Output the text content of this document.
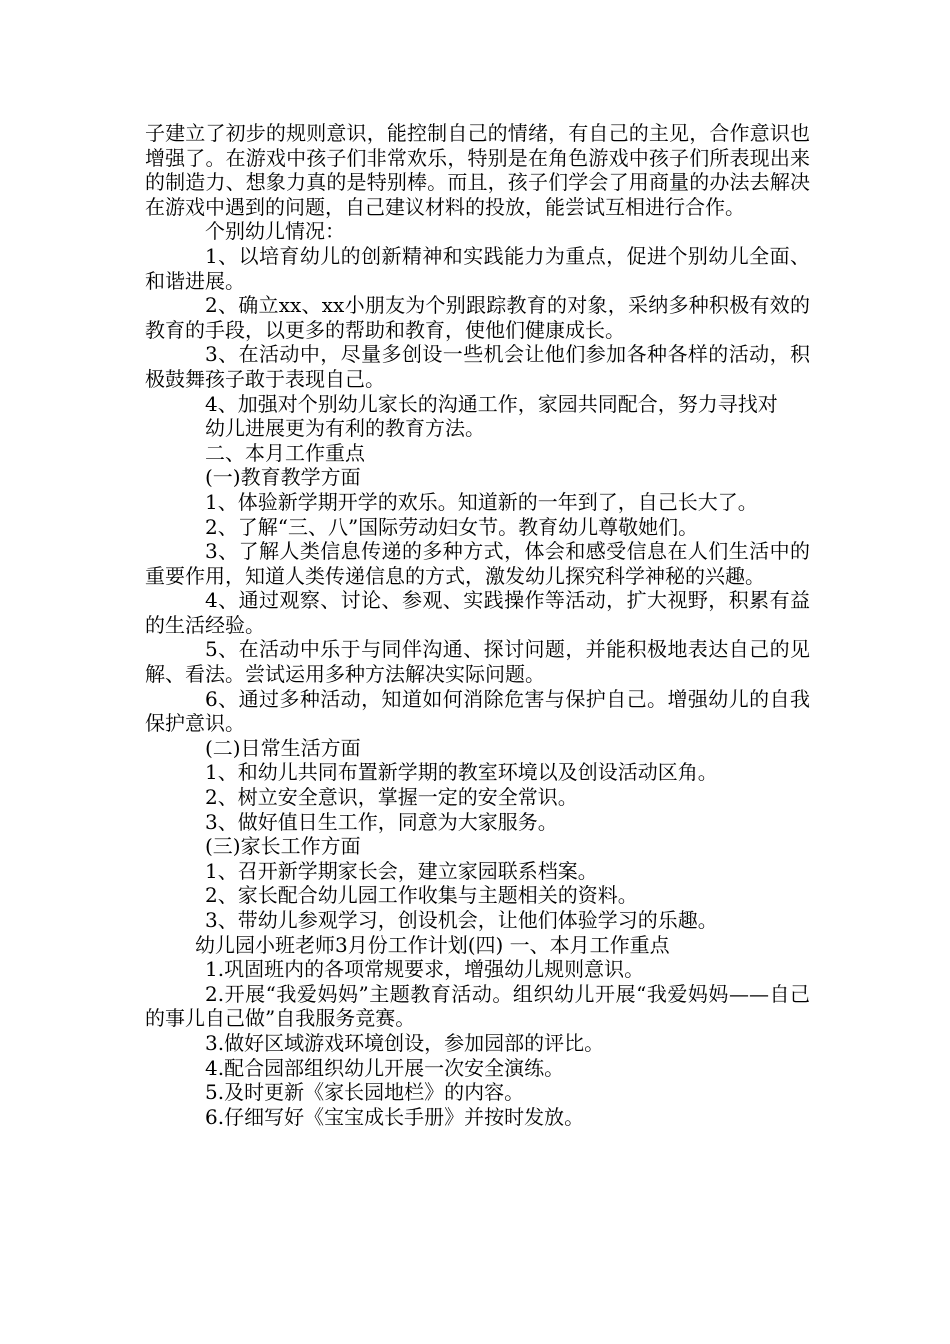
子建立了初步的规则意识，能控制自己的情绪，有自己的主见，合作意识也增强了。在游戏中孩子们非常欢乐，特别是在角色游戏中孩子们所表现出来的制造力、想象力真的是特别棒。而且，孩子们学会了用商量的办法去解决在游戏中遇到的问题，自己建议材料的投放，能尝试互相进行合作。

个别幼儿情况：

1、以培育幼儿的创新精神和实践能力为重点，促进个别幼儿全面、和谐进展。

2、确立xx、xx小朋友为个别跟踪教育的对象，采纳多种积极有效的教育的手段，以更多的帮助和教育，使他们健康成长。

3、在活动中，尽量多创设一些机会让他们参加各种各样的活动，积极鼓舞孩子敢于表现自己。

4、加强对个别幼儿家长的沟通工作，家园共同配合，努力寻找对

幼儿进展更为有利的教育方法。

二、本月工作重点

(一)教育教学方面

1、体验新学期开学的欢乐。知道新的一年到了，自己长大了。

2、了解“三、八”国际劳动妇女节。教育幼儿尊敬她们。

3、了解人类信息传递的多种方式，体会和感受信息在人们生活中的重要作用，知道人类传递信息的方式，激发幼儿探究科学神秘的兴趣。

4、通过观察、讨论、参观、实践操作等活动，扩大视野，积累有益的生活经验。

5、在活动中乐于与同伴沟通、探讨问题，并能积极地表达自己的见解、看法。尝试运用多种方法解决实际问题。

6、通过多种活动，知道如何消除危害与保护自己。增强幼儿的自我保护意识。

(二)日常生活方面

1、和幼儿共同布置新学期的教室环境以及创设活动区角。

2、树立安全意识，掌握一定的安全常识。

3、做好值日生工作，同意为大家服务。

(三)家长工作方面

1、召开新学期家长会，建立家园联系档案。

2、家长配合幼儿园工作收集与主题相关的资料。

3、带幼儿参观学习，创设机会，让他们体验学习的乐趣。

幼儿园小班老师3月份工作计划(四) 一、本月工作重点

1.巩固班内的各项常规要求，增强幼儿规则意识。

2.开展“我爱妈妈”主题教育活动。组织幼儿开展“我爱妈妈——自己的事儿自己做”自我服务竞赛。

3.做好区域游戏环境创设，参加园部的评比。

4.配合园部组织幼儿开展一次安全演练。

5.及时更新《家长园地栏》的内容。

6.仔细写好《宝宝成长手册》并按时发放。
